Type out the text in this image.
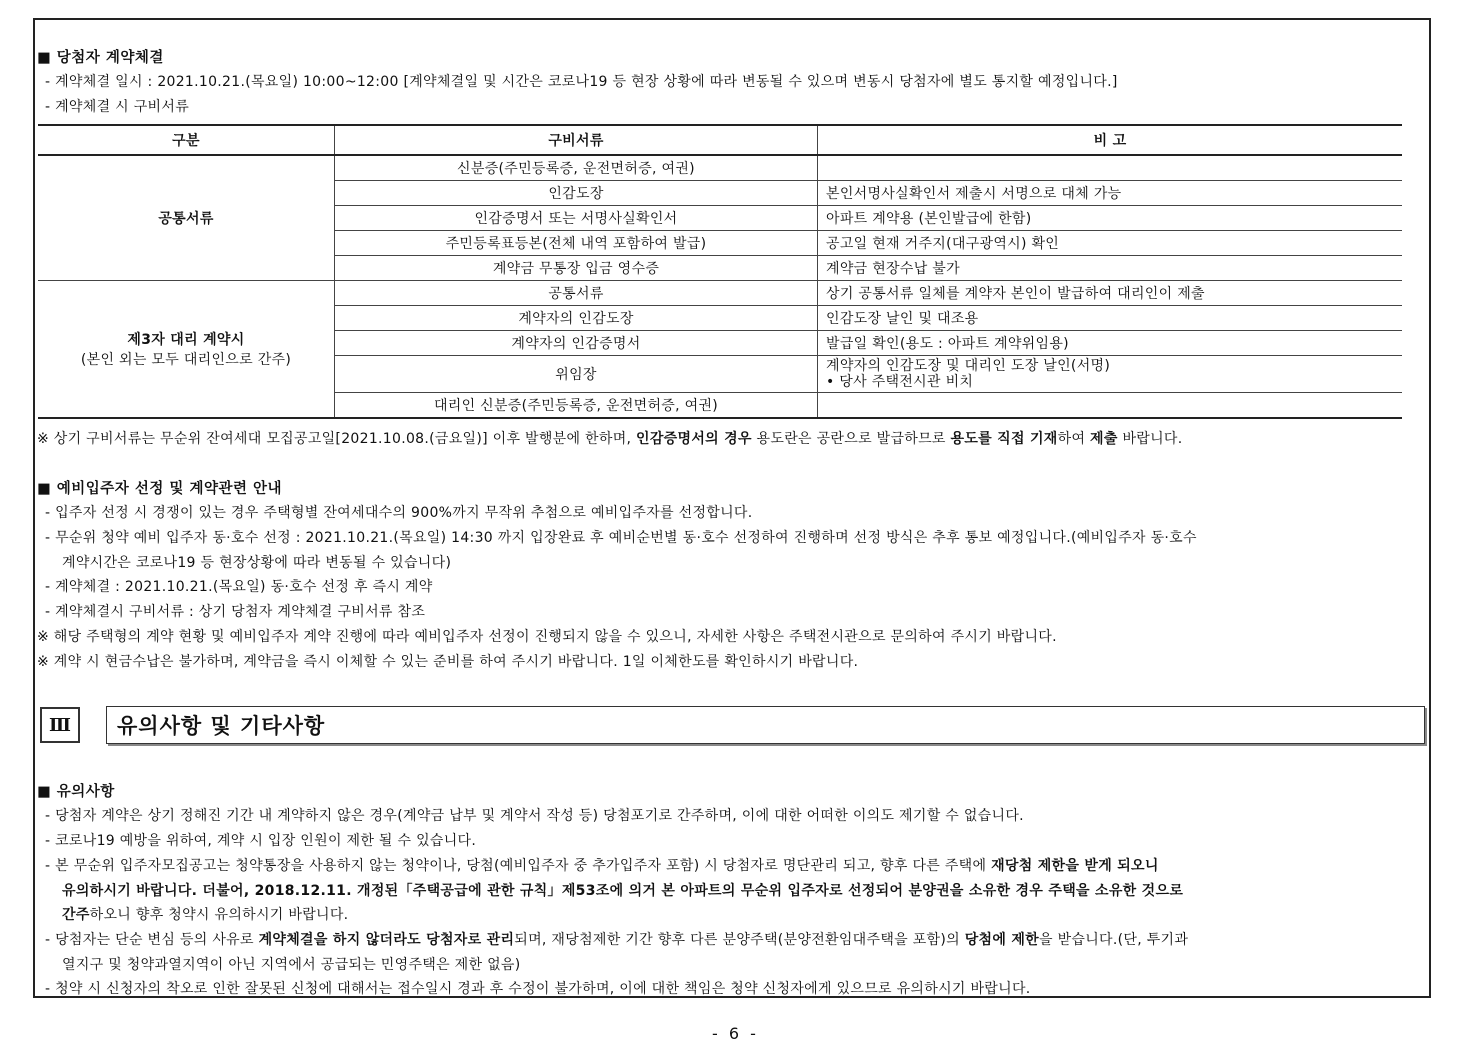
■ 당첨자 계약체결
- 계약체결 일시 : 2021.10.21.(목요일) 10:00~12:00 [계약체결일 및 시간은 코로나19 등 현장 상황에 따라 변동될 수 있으며 변동시 당첨자에 별도 통지할 예정입니다.]
- 계약체결 시 구비서류
구분	구비서류	비 고
공통서류	신분증(주민등록증, 운전면허증, 여권)	
	인감도장	본인서명사실확인서 제출시 서명으로 대체 가능
	인감증명서 또는 서명사실확인서	아파트 계약용 (본인발급에 한함)
	주민등록표등본(전체 내역 포함하여 발급)	공고일 현재 거주지(대구광역시) 확인
	계약금 무통장 입금 영수증	계약금 현장수납 불가

제3자 대리 계약시
(본인 외는 모두 대리인으로 간주)	공통서류	상기 공통서류 일체를 계약자 본인이 발급하여 대리인이 제출
	계약자의 인감도장	인감도장 날인 및 대조용
	계약자의 인감증명서	발급일 확인(용도 : 아파트 계약위임용)
	위임장	계약자의 인감도장 및 대리인 도장 날인(서명)
• 당사 주택전시관 비치

	대리인 신분증(주민등록증, 운전면허증, 여권)	
※ 상기 구비서류는 무순위 잔여세대 모집공고일[2021.10.08.(금요일)] 이후 발행분에 한하며, 인감증명서의 경우 용도란은 공란으로 발급하므로 용도를 직접 기재하여 제출 바랍니다.
■ 예비입주자 선정 및 계약관련 안내
- 입주자 선정 시 경쟁이 있는 경우 주택형별 잔여세대수의 900%까지 무작위 추첨으로 예비입주자를 선정합니다.
- 무순위 청약 예비 입주자 동·호수 선정 : 2021.10.21.(목요일) 14:30 까지 입장완료 후 예비순번별 동·호수 선정하여 진행하며 선정 방식은 추후 통보 예정입니다.(예비입주자 동·호수
계약시간은 코로나19 등 현장상황에 따라 변동될 수 있습니다)
- 계약체결 : 2021.10.21.(목요일) 동·호수 선정 후 즉시 계약
- 계약체결시 구비서류 : 상기 당첨자 계약체결 구비서류 참조
※ 해당 주택형의 계약 현황 및 예비입주자 계약 진행에 따라 예비입주자 선정이 진행되지 않을 수 있으니, 자세한 사항은 주택전시관으로 문의하여 주시기 바랍니다.
※ 계약 시 현금수납은 불가하며, 계약금을 즉시 이체할 수 있는 준비를 하여 주시기 바랍니다. 1일 이체한도를 확인하시기 바랍니다.
Ⅲ	유의사항 및 기타사항
■ 유의사항
- 당첨자 계약은 상기 정해진 기간 내 계약하지 않은 경우(계약금 납부 및 계약서 작성 등) 당첨포기로 간주하며, 이에 대한 어떠한 이의도 제기할 수 없습니다.
- 코로나19 예방을 위하여, 계약 시 입장 인원이 제한 될 수 있습니다.
- 본 무순위 입주자모집공고는 청약통장을 사용하지 않는 청약이나, 당첨(예비입주자 중 추가입주자 포함) 시 당첨자로 명단관리 되고, 향후 다른 주택에 재당첨 제한을 받게 되오니
유의하시기 바랍니다. 더불어, 2018.12.11. 개정된「주택공급에 관한 규칙」제53조에 의거 본 아파트의 무순위 입주자로 선정되어 분양권을 소유한 경우 주택을 소유한 것으로
간주하오니 향후 청약시 유의하시기 바랍니다.
- 당첨자는 단순 변심 등의 사유로 계약체결을 하지 않더라도 당첨자로 관리되며, 재당첨제한 기간 향후 다른 분양주택(분양전환임대주택을 포함)의 당첨에 제한을 받습니다.(단, 투기과
열지구 및 청약과열지역이 아닌 지역에서 공급되는 민영주택은 제한 없음)
- 청약 시 신청자의 착오로 인한 잘못된 신청에 대해서는 접수일시 경과 후 수정이 불가하며, 이에 대한 책임은 청약 신청자에게 있으므로 유의하시기 바랍니다.
- 6 -
